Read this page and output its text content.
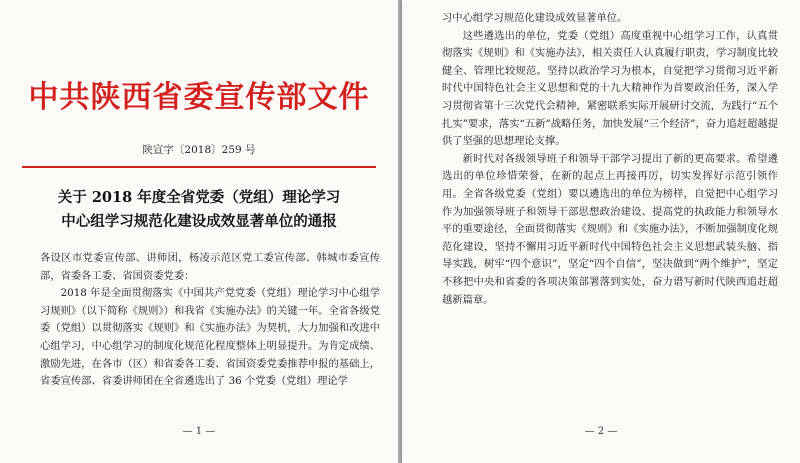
中共陕西省委宣传部文件
陕宣字〔2018〕259 号
关于 2018 年度全省党委（党组）理论学习
中心组学习规范化建设成效显著单位的通报

各设区市党委宣传部、讲师团，杨凌示范区党工委宣传部、韩城市委宣传部，省委各工委、省国资委党委：

2018 年是全面贯彻落实《中国共产党党委（党组）理论学习中心组学习规则》（以下简称《规则》）和我省《实施办法》的关键一年。全省各级党委（党组）以贯彻落实《规则》和《实施办法》为契机，大力加强和改进中心组学习，中心组学习的制度化规范化程度整体上明显提升。为肯定成绩、激励先进，在各市（区）和省委各工委、省国资委党委推荐申报的基础上，省委宣传部、省委讲师团在全省遴选出了 36 个党委（党组）理论学

— 1 —

习中心组学习规范化建设成效显著单位。

这些遴选出的单位，党委（党组）高度重视中心组学习工作，认真贯彻落实《规则》和《实施办法》，相关责任人认真履行职责，学习制度比较健全、管理比较规范。坚持以政治学习为根本，自觉把学习贯彻习近平新时代中国特色社会主义思想和党的十九大精神作为首要政治任务，深入学习贯彻省第十三次党代会精神，紧密联系实际开展研讨交流，为践行“五个扎实”要求，落实“五新”战略任务，加快发展“三个经济”，奋力追赶超越提供了坚强的思想理论支撑。

新时代对各级领导班子和领导干部学习提出了新的更高要求。希望遴选出的单位珍惜荣誉，在新的起点上再接再厉，切实发挥好示范引领作用。全省各级党委（党组）要以遴选出的单位为榜样，自觉把中心组学习作为加强领导班子和领导干部思想政治建设、提高党的执政能力和领导水平的重要途径，全面贯彻落实《规则》和《实施办法》，不断加强制度化规范化建设，坚持不懈用习近平新时代中国特色社会主义思想武装头脑、指导实践，树牢“四个意识”，坚定“四个自信”，坚决做到“两个维护”，坚定不移把中央和省委的各项决策部署落到实处，奋力谱写新时代陕西追赶超越新篇章。

— 2 —
